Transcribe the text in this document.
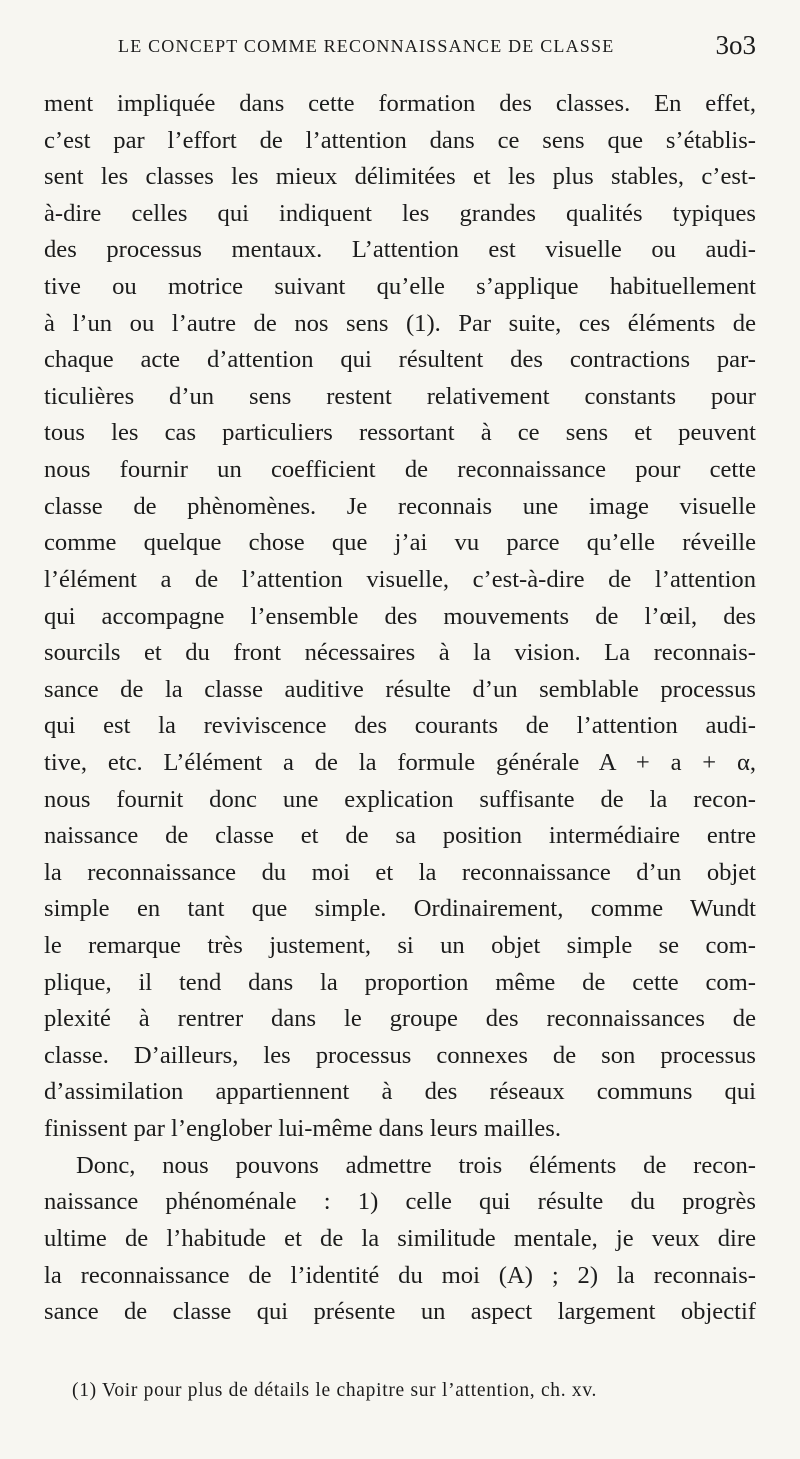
LE CONCEPT COMME RECONNAISSANCE DE CLASSE	3o3
ment impliquée dans cette formation des classes. En effet,
c’est par l’effort de l’attention dans ce sens que s’établis-
sent les classes les mieux délimitées et les plus stables, c’est-
à-dire celles qui indiquent les grandes qualités typiques
des processus mentaux. L’attention est visuelle ou audi-
tive ou motrice suivant qu’elle s’applique habituellement
à l’un ou l’autre de nos sens (1). Par suite, ces éléments de
chaque acte d’attention qui résultent des contractions par-
ticulières d’un sens restent relativement constants pour
tous les cas particuliers ressortant à ce sens et peuvent
nous fournir un coefficient de reconnaissance pour cette
classe de phènomènes. Je reconnais une image visuelle
comme quelque chose que j’ai vu parce qu’elle réveille
l’élément a de l’attention visuelle, c’est-à-dire de l’attention
qui accompagne l’ensemble des mouvements de l’œil, des
sourcils et du front nécessaires à la vision. La reconnais-
sance de la classe auditive résulte d’un semblable processus
qui est la reviviscence des courants de l’attention audi-
tive, etc. L’élément a de la formule générale A + a + α,
nous fournit donc une explication suffisante de la recon-
naissance de classe et de sa position intermédiaire entre
la reconnaissance du moi et la reconnaissance d’un objet
simple en tant que simple. Ordinairement, comme Wundt
le remarque très justement, si un objet simple se com-
plique, il tend dans la proportion même de cette com-
plexité à rentrer dans le groupe des reconnaissances de
classe. D’ailleurs, les processus connexes de son processus
d’assimilation appartiennent à des réseaux communs qui
finissent par l’englober lui-même dans leurs mailles.
Donc, nous pouvons admettre trois éléments de recon-
naissance phénoménale : 1) celle qui résulte du progrès
ultime de l’habitude et de la similitude mentale, je veux dire
la reconnaissance de l’identité du moi (A) ; 2) la reconnais-
sance de classe qui présente un aspect largement objectif
(1) Voir pour plus de détails le chapitre sur l’attention, ch. xv.
